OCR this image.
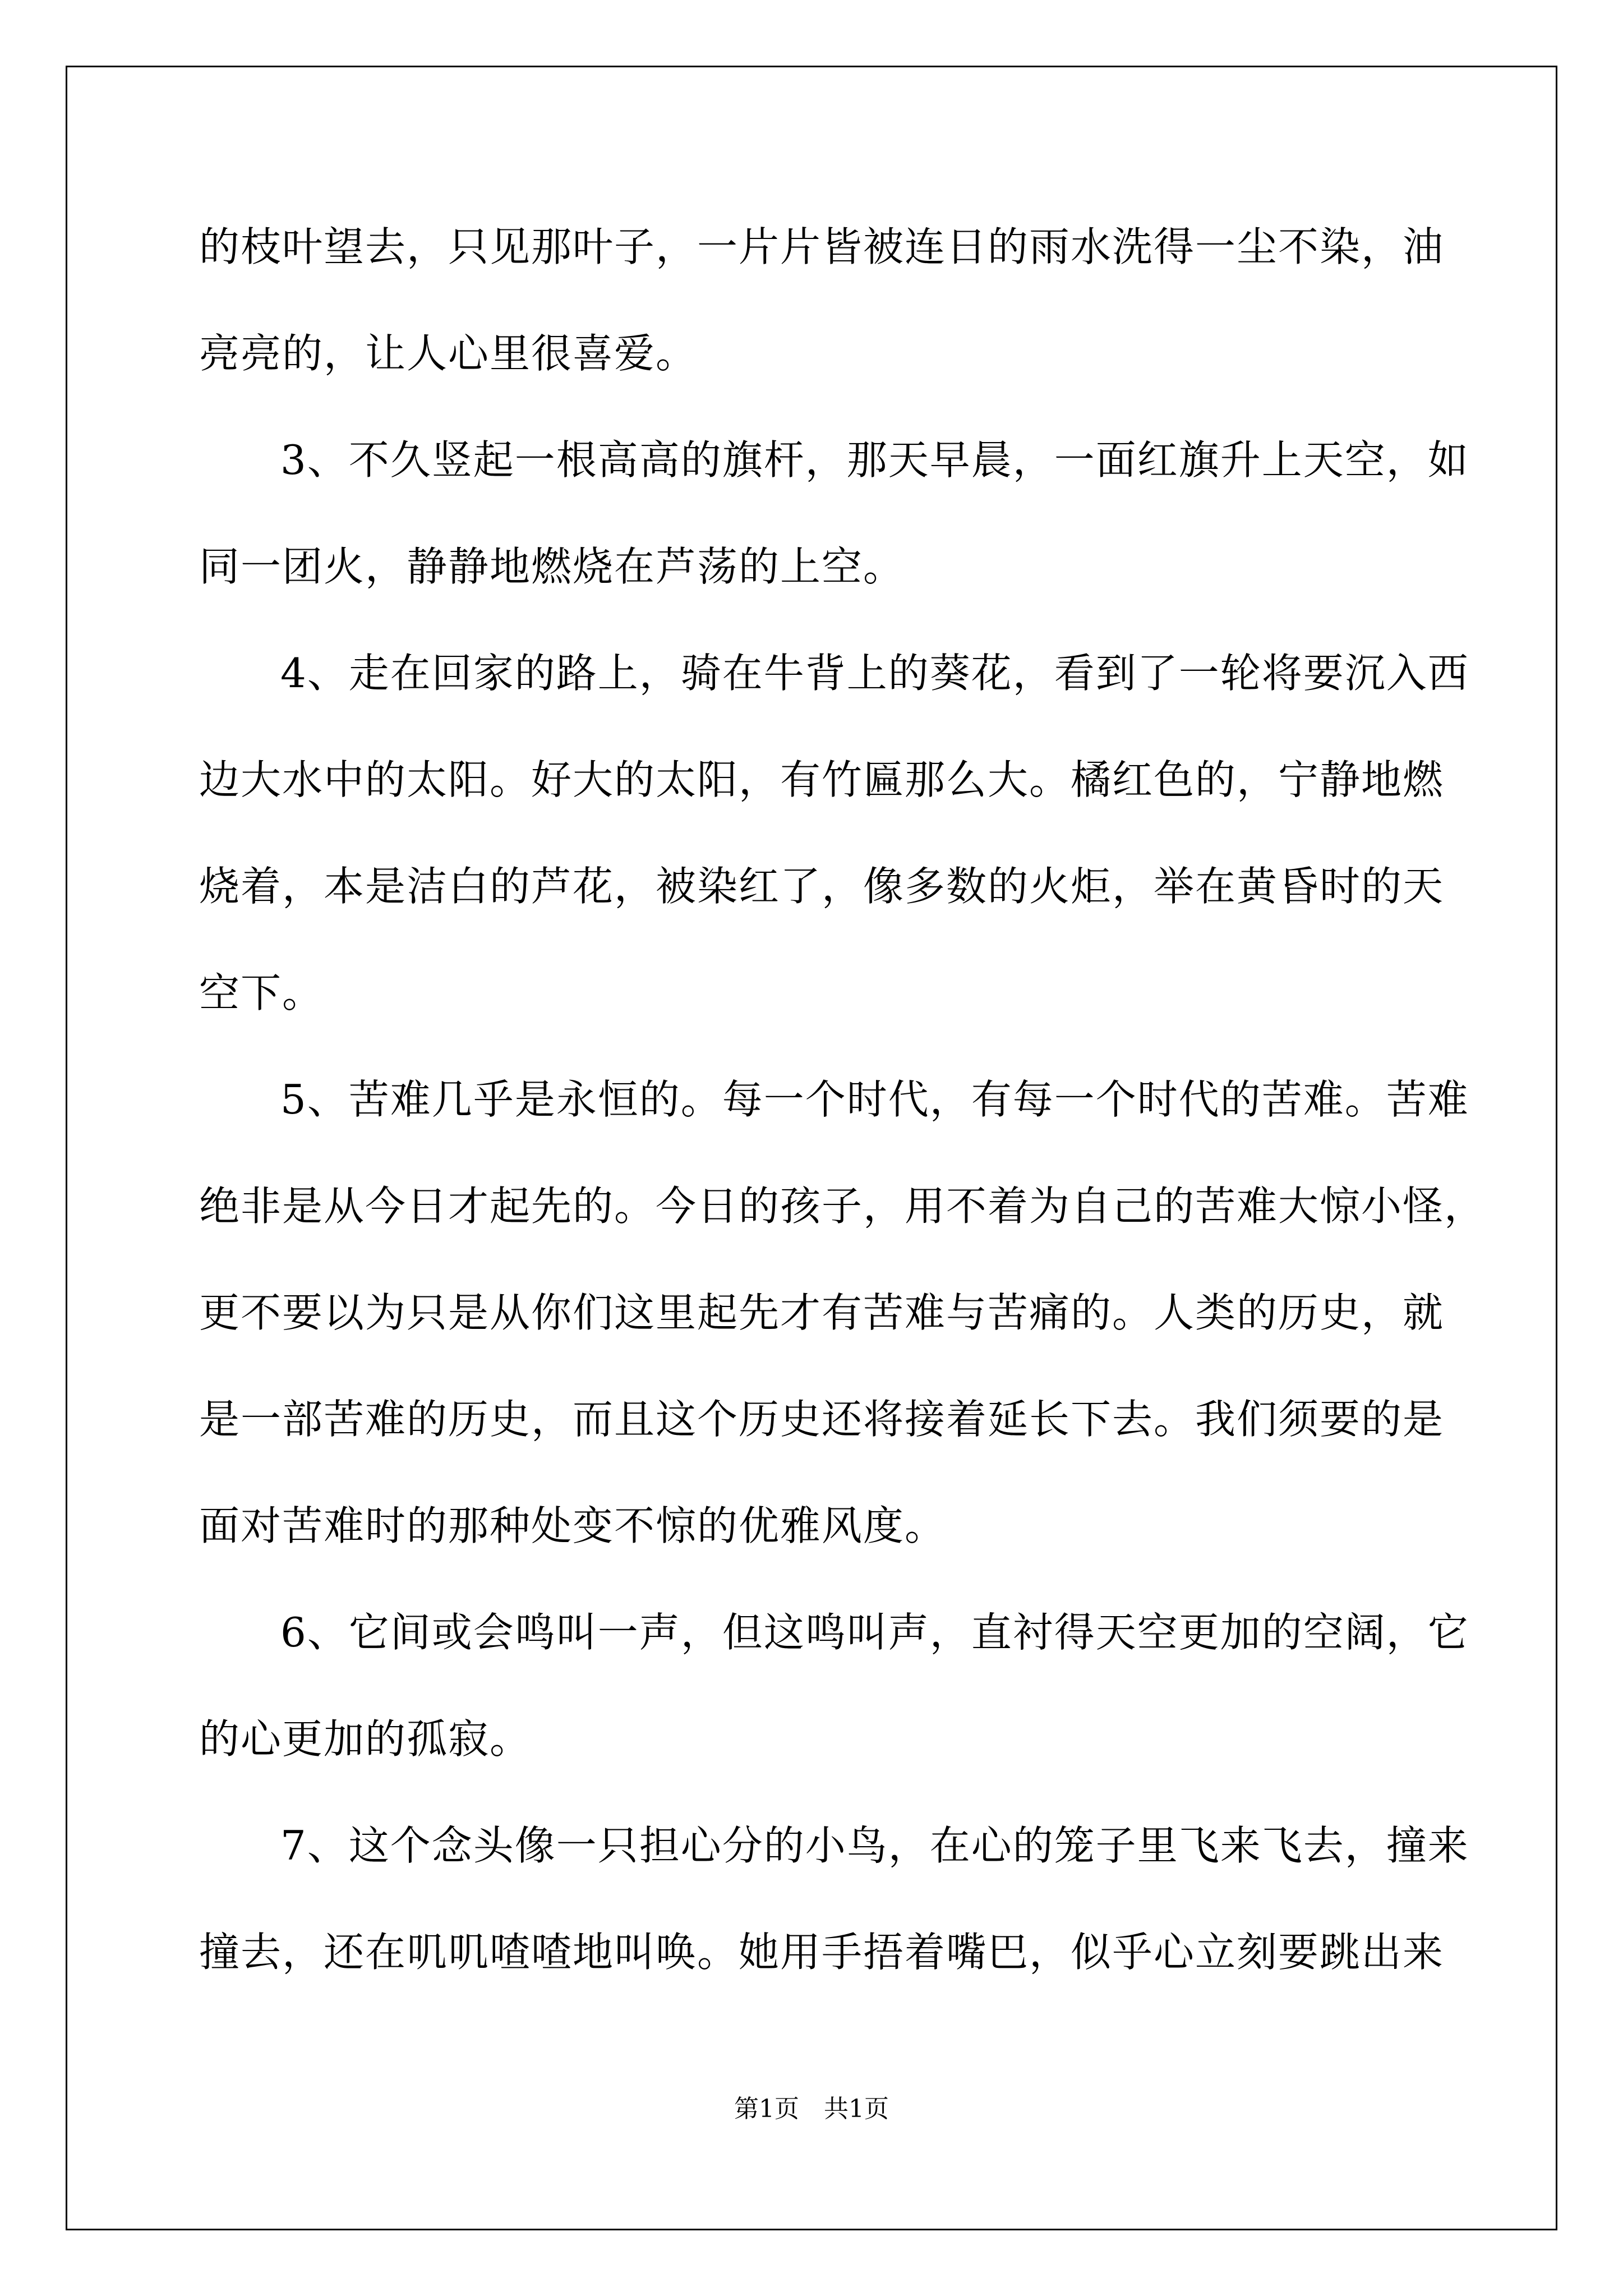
的枝叶望去，只见那叶子，一片片皆被连日的雨水洗得一尘不染，油
亮亮的，让人心里很喜爱。
3、不久竖起一根高高的旗杆，那天早晨，一面红旗升上天空，如
同一团火，静静地燃烧在芦荡的上空。
4、走在回家的路上，骑在牛背上的葵花，看到了一轮将要沉入西
边大水中的太阳。好大的太阳，有竹匾那么大。橘红色的，宁静地燃
烧着，本是洁白的芦花，被染红了，像多数的火炬，举在黄昏时的天
空下。
5、苦难几乎是永恒的。每一个时代，有每一个时代的苦难。苦难
绝非是从今日才起先的。今日的孩子，用不着为自己的苦难大惊小怪，
更不要以为只是从你们这里起先才有苦难与苦痛的。人类的历史，就
是一部苦难的历史，而且这个历史还将接着延长下去。我们须要的是
面对苦难时的那种处变不惊的优雅风度。
6、它间或会鸣叫一声，但这鸣叫声，直衬得天空更加的空阔，它
的心更加的孤寂。
7、这个念头像一只担心分的小鸟，在心的笼子里飞来飞去，撞来
撞去，还在叽叽喳喳地叫唤。她用手捂着嘴巴，似乎心立刻要跳出来
第1页　共1页
